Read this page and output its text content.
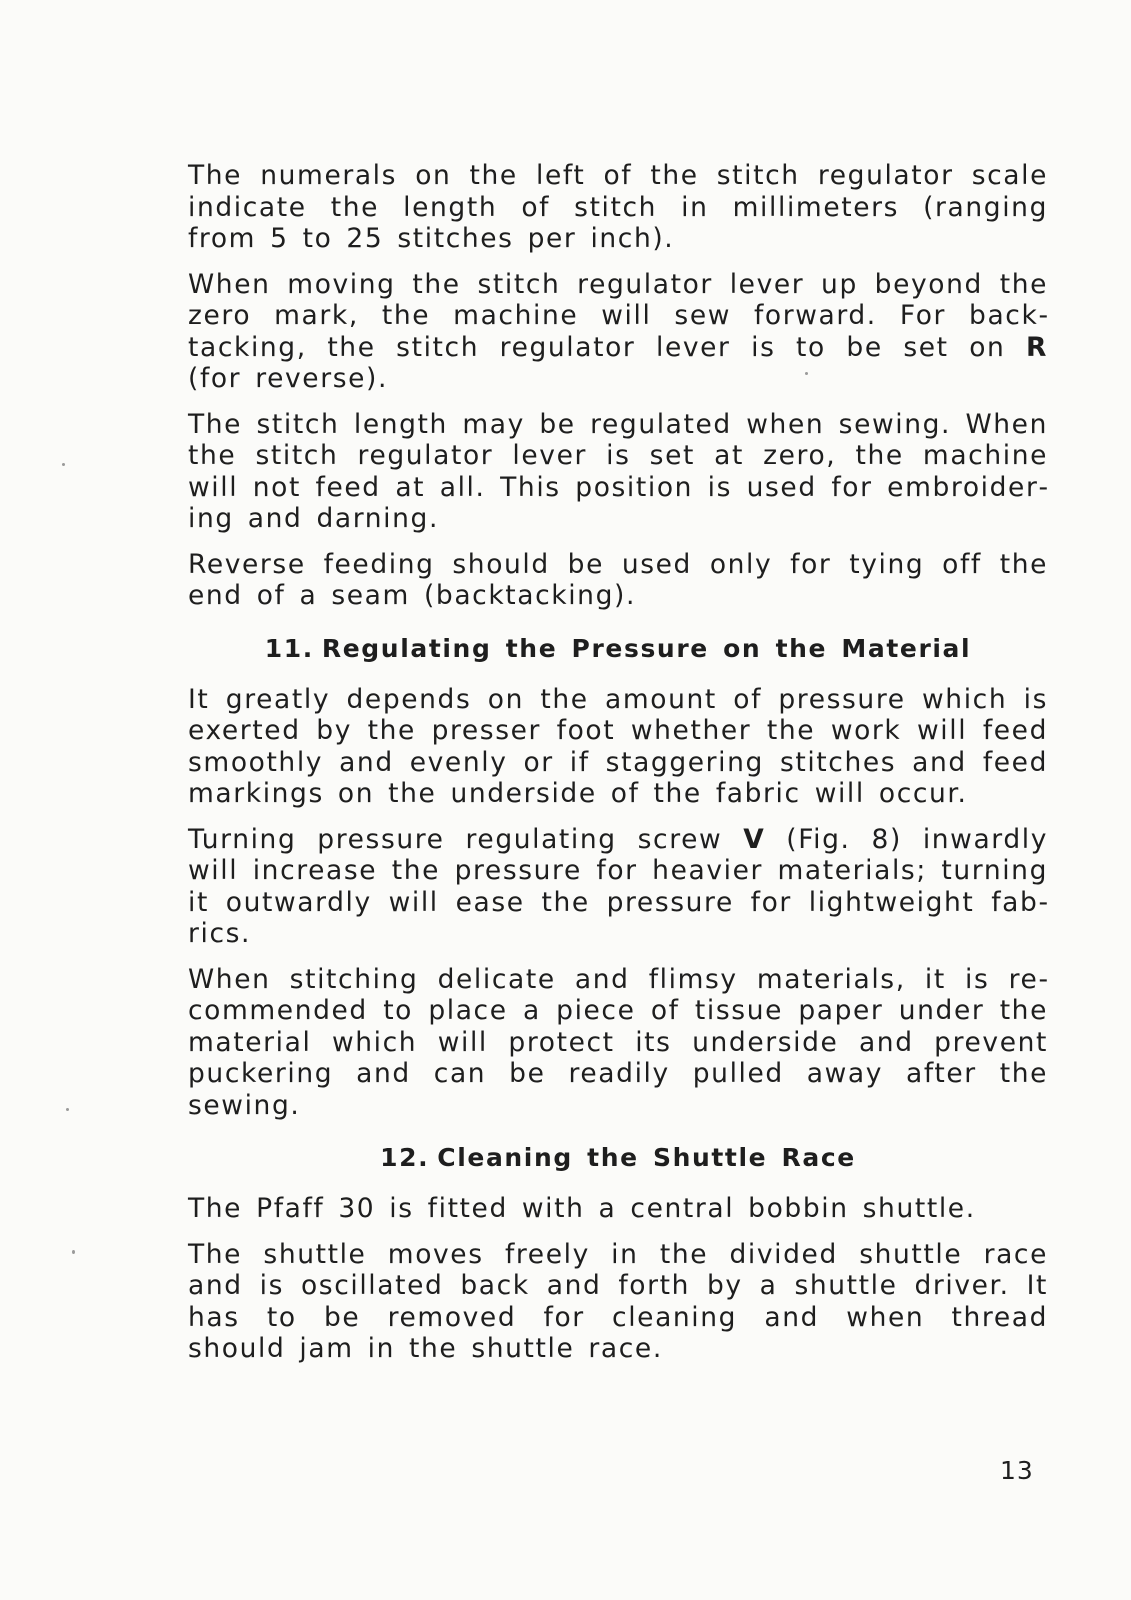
The numerals on the left of the stitch regulator scale indicate the length of stitch in millimeters (ranging from 5 to 25 stitches per inch).

When moving the stitch regulator lever up beyond the zero mark, the machine will sew forward. For backtacking, the stitch regulator lever is to be set on R (for reverse).

The stitch length may be regulated when sewing. When the stitch regulator lever is set at zero, the machine will not feed at all. This position is used for embroidering and darning.

Reverse feeding should be used only for tying off the end of a seam (backtacking).

11. Regulating the Pressure on the Material

It greatly depends on the amount of pressure which is exerted by the presser foot whether the work will feed smoothly and evenly or if staggering stitches and feed markings on the underside of the fabric will occur.

Turning pressure regulating screw V (Fig. 8) inwardly will increase the pressure for heavier materials; turning it outwardly will ease the pressure for lightweight fabrics.

When stitching delicate and flimsy materials, it is recommended to place a piece of tissue paper under the material which will protect its underside and prevent puckering and can be readily pulled away after the sewing.

12. Cleaning the Shuttle Race

The Pfaff 30 is fitted with a central bobbin shuttle.

The shuttle moves freely in the divided shuttle race and is oscillated back and forth by a shuttle driver. It has to be removed for cleaning and when thread should jam in the shuttle race.

13
